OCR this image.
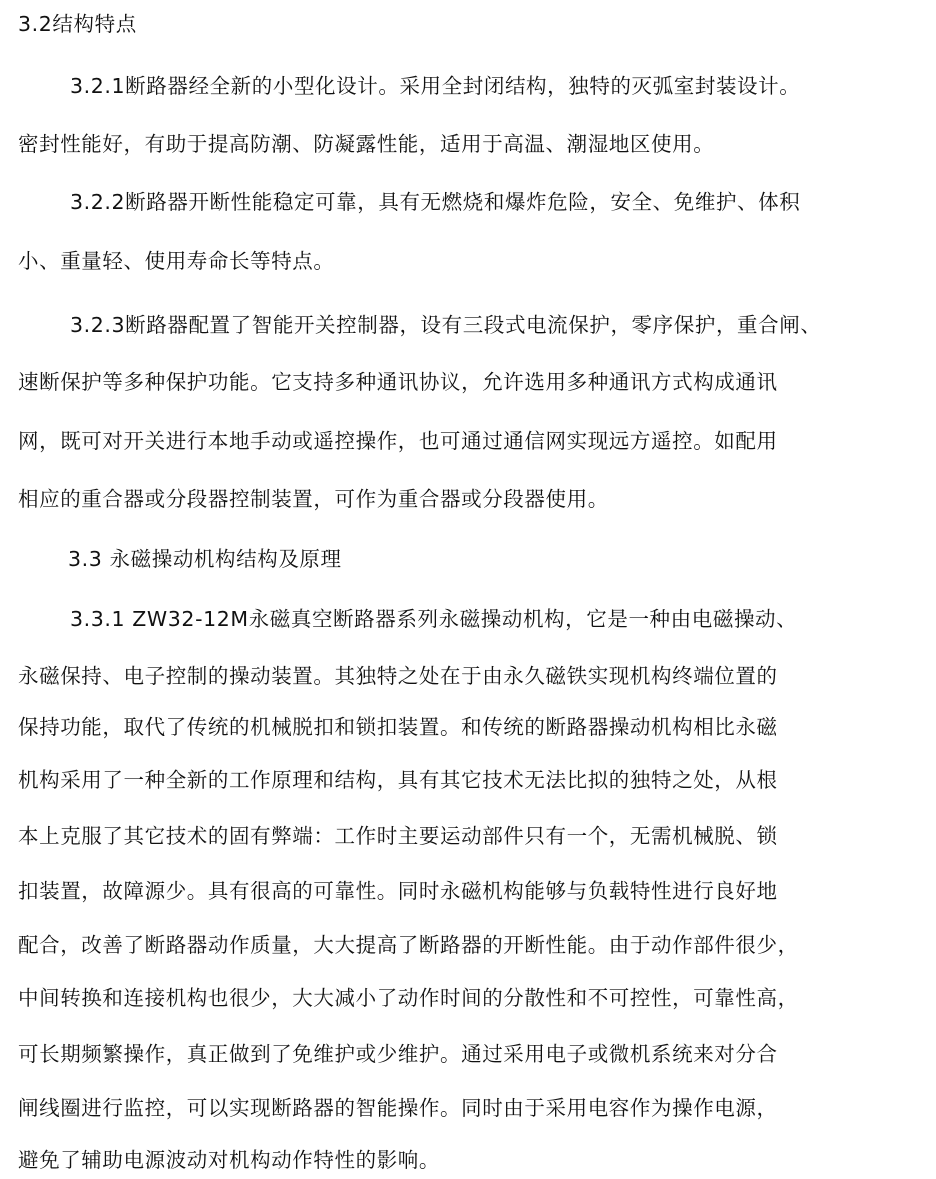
3.2结构特点
3.2.1断路器经全新的小型化设计。采用全封闭结构，独特的灭弧室封装设计。
密封性能好，有助于提高防潮、防凝露性能，适用于高温、潮湿地区使用。
3.2.2断路器开断性能稳定可靠，具有无燃烧和爆炸危险，安全、免维护、体积
小、重量轻、使用寿命长等特点。
3.2.3断路器配置了智能开关控制器，设有三段式电流保护，零序保护，重合闸、
速断保护等多种保护功能。它支持多种通讯协议，允许选用多种通讯方式构成通讯
网，既可对开关进行本地手动或遥控操作，也可通过通信网实现远方遥控。如配用
相应的重合器或分段器控制装置，可作为重合器或分段器使用。
3.3 永磁操动机构结构及原理
3.3.1 ZW32-12M永磁真空断路器系列永磁操动机构，它是一种由电磁操动、
永磁保持、电子控制的操动装置。其独特之处在于由永久磁铁实现机构终端位置的
保持功能，取代了传统的机械脱扣和锁扣装置。和传统的断路器操动机构相比永磁
机构采用了一种全新的工作原理和结构，具有其它技术无法比拟的独特之处，从根
本上克服了其它技术的固有弊端：工作时主要运动部件只有一个，无需机械脱、锁
扣装置，故障源少。具有很高的可靠性。同时永磁机构能够与负载特性进行良好地
配合，改善了断路器动作质量，大大提高了断路器的开断性能。由于动作部件很少，
中间转换和连接机构也很少，大大减小了动作时间的分散性和不可控性，可靠性高，
可长期频繁操作，真正做到了免维护或少维护。通过采用电子或微机系统来对分合
闸线圈进行监控，可以实现断路器的智能操作。同时由于采用电容作为操作电源，
避免了辅助电源波动对机构动作特性的影响。
